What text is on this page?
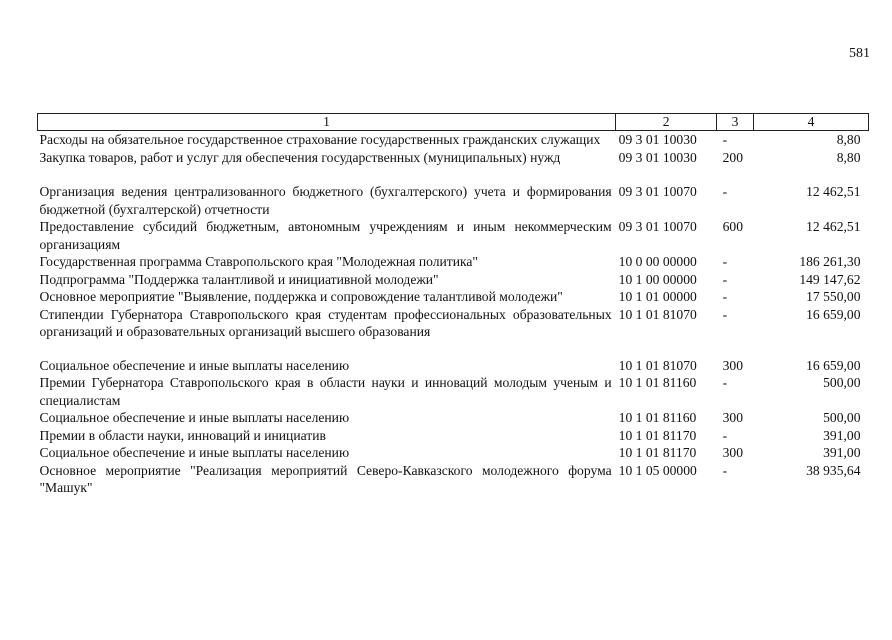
581
1	2	3	4
Расходы на обязательное государственное страхование государственных гражданских служащих	09 3 01 10030	-	8,80
Закупка товаров, работ и услуг для обеспечения государственных (муниципальных) нужд	09 3 01 10030	200	8,80
Организация ведения централизованного бюджетного (бухгалтерского) учета и формирования бюджетной (бухгалтерской) отчетности	09 3 01 10070	-	12 462,51
Предоставление субсидий бюджетным, автономным учреждениям и иным некоммерческим организациям	09 3 01 10070	600	12 462,51
Государственная программа Ставропольского края "Молодежная политика"	10 0 00 00000	-	186 261,30
Подпрограмма "Поддержка талантливой и инициативной молодежи"	10 1 00 00000	-	149 147,62
Основное мероприятие "Выявление, поддержка и сопровождение талантливой молодежи"	10 1 01 00000	-	17 550,00
Стипендии Губернатора Ставропольского края студентам профессиональных образовательных организаций и образовательных организаций высшего образования	10 1 01 81070	-	16 659,00
Социальное обеспечение и иные выплаты населению	10 1 01 81070	300	16 659,00
Премии Губернатора Ставропольского края в области науки и инноваций молодым ученым и специалистам	10 1 01 81160	-	500,00
Социальное обеспечение и иные выплаты населению	10 1 01 81160	300	500,00
Премии в области науки, инноваций и инициатив	10 1 01 81170	-	391,00
Социальное обеспечение и иные выплаты населению	10 1 01 81170	300	391,00
Основное мероприятие "Реализация мероприятий Северо-Кавказского молодежного форума "Машук"	10 1 05 00000	-	38 935,64
